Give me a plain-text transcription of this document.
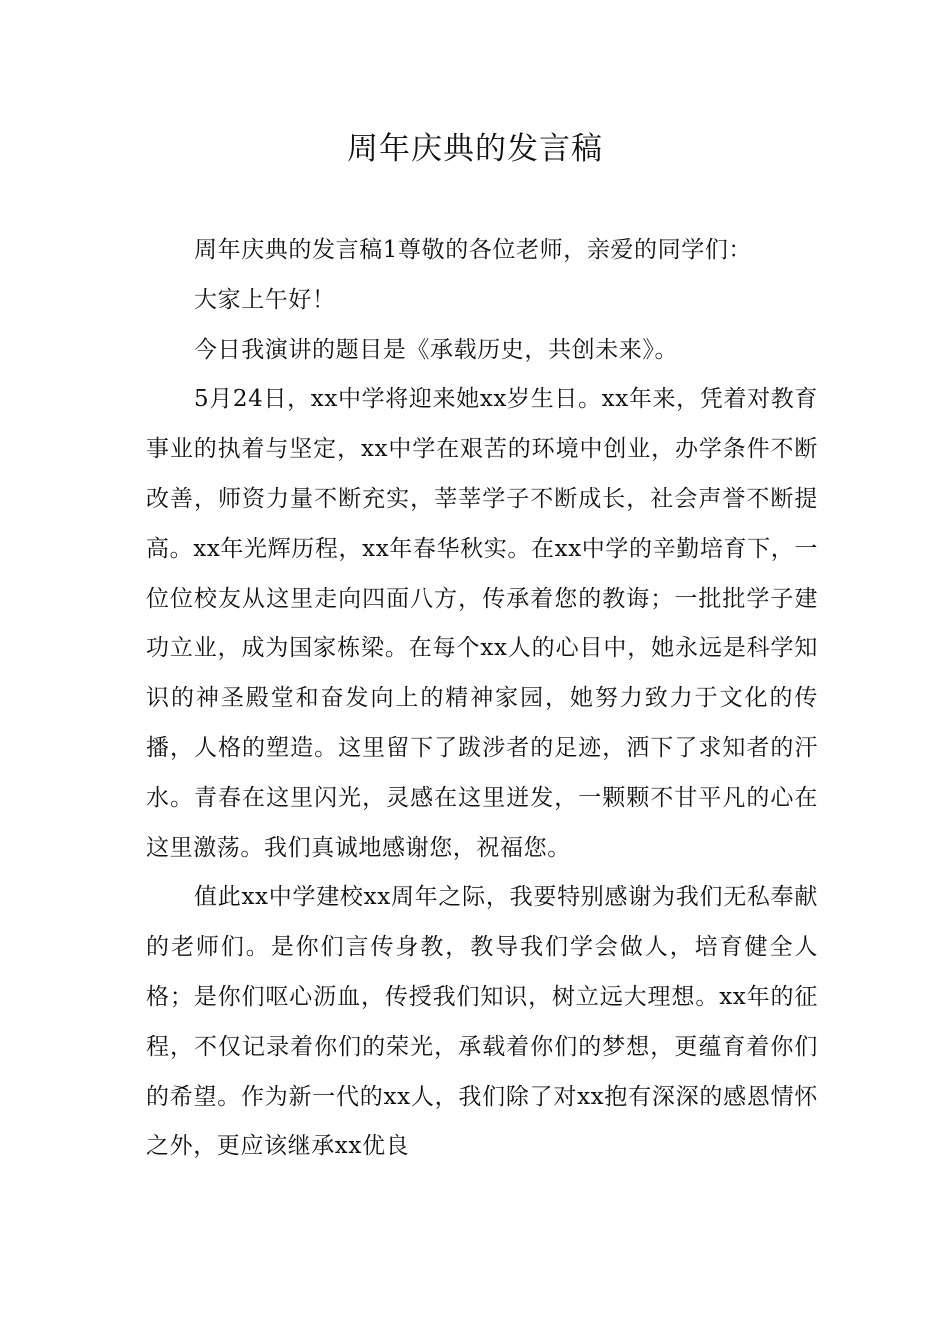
周年庆典的发言稿

周年庆典的发言稿1尊敬的各位老师，亲爱的同学们：

大家上午好！

今日我演讲的题目是《承载历史，共创未来》。

5月24日，xx中学将迎来她xx岁生日。xx年来，凭着对教育事业的执着与坚定，xx中学在艰苦的环境中创业，办学条件不断改善，师资力量不断充实，莘莘学子不断成长，社会声誉不断提高。xx年光辉历程，xx年春华秋实。在xx中学的辛勤培育下，一位位校友从这里走向四面八方，传承着您的教诲；一批批学子建功立业，成为国家栋梁。在每个xx人的心目中，她永远是科学知识的神圣殿堂和奋发向上的精神家园，她努力致力于文化的传播，人格的塑造。这里留下了跋涉者的足迹，洒下了求知者的汗水。青春在这里闪光，灵感在这里迸发，一颗颗不甘平凡的心在这里激荡。我们真诚地感谢您，祝福您。

值此xx中学建校xx周年之际，我要特别感谢为我们无私奉献的老师们。是你们言传身教，教导我们学会做人，培育健全人格；是你们呕心沥血，传授我们知识，树立远大理想。xx年的征程，不仅记录着你们的荣光，承载着你们的梦想，更蕴育着你们的希望。作为新一代的xx人，我们除了对xx抱有深深的感恩情怀之外，更应该继承xx优良
